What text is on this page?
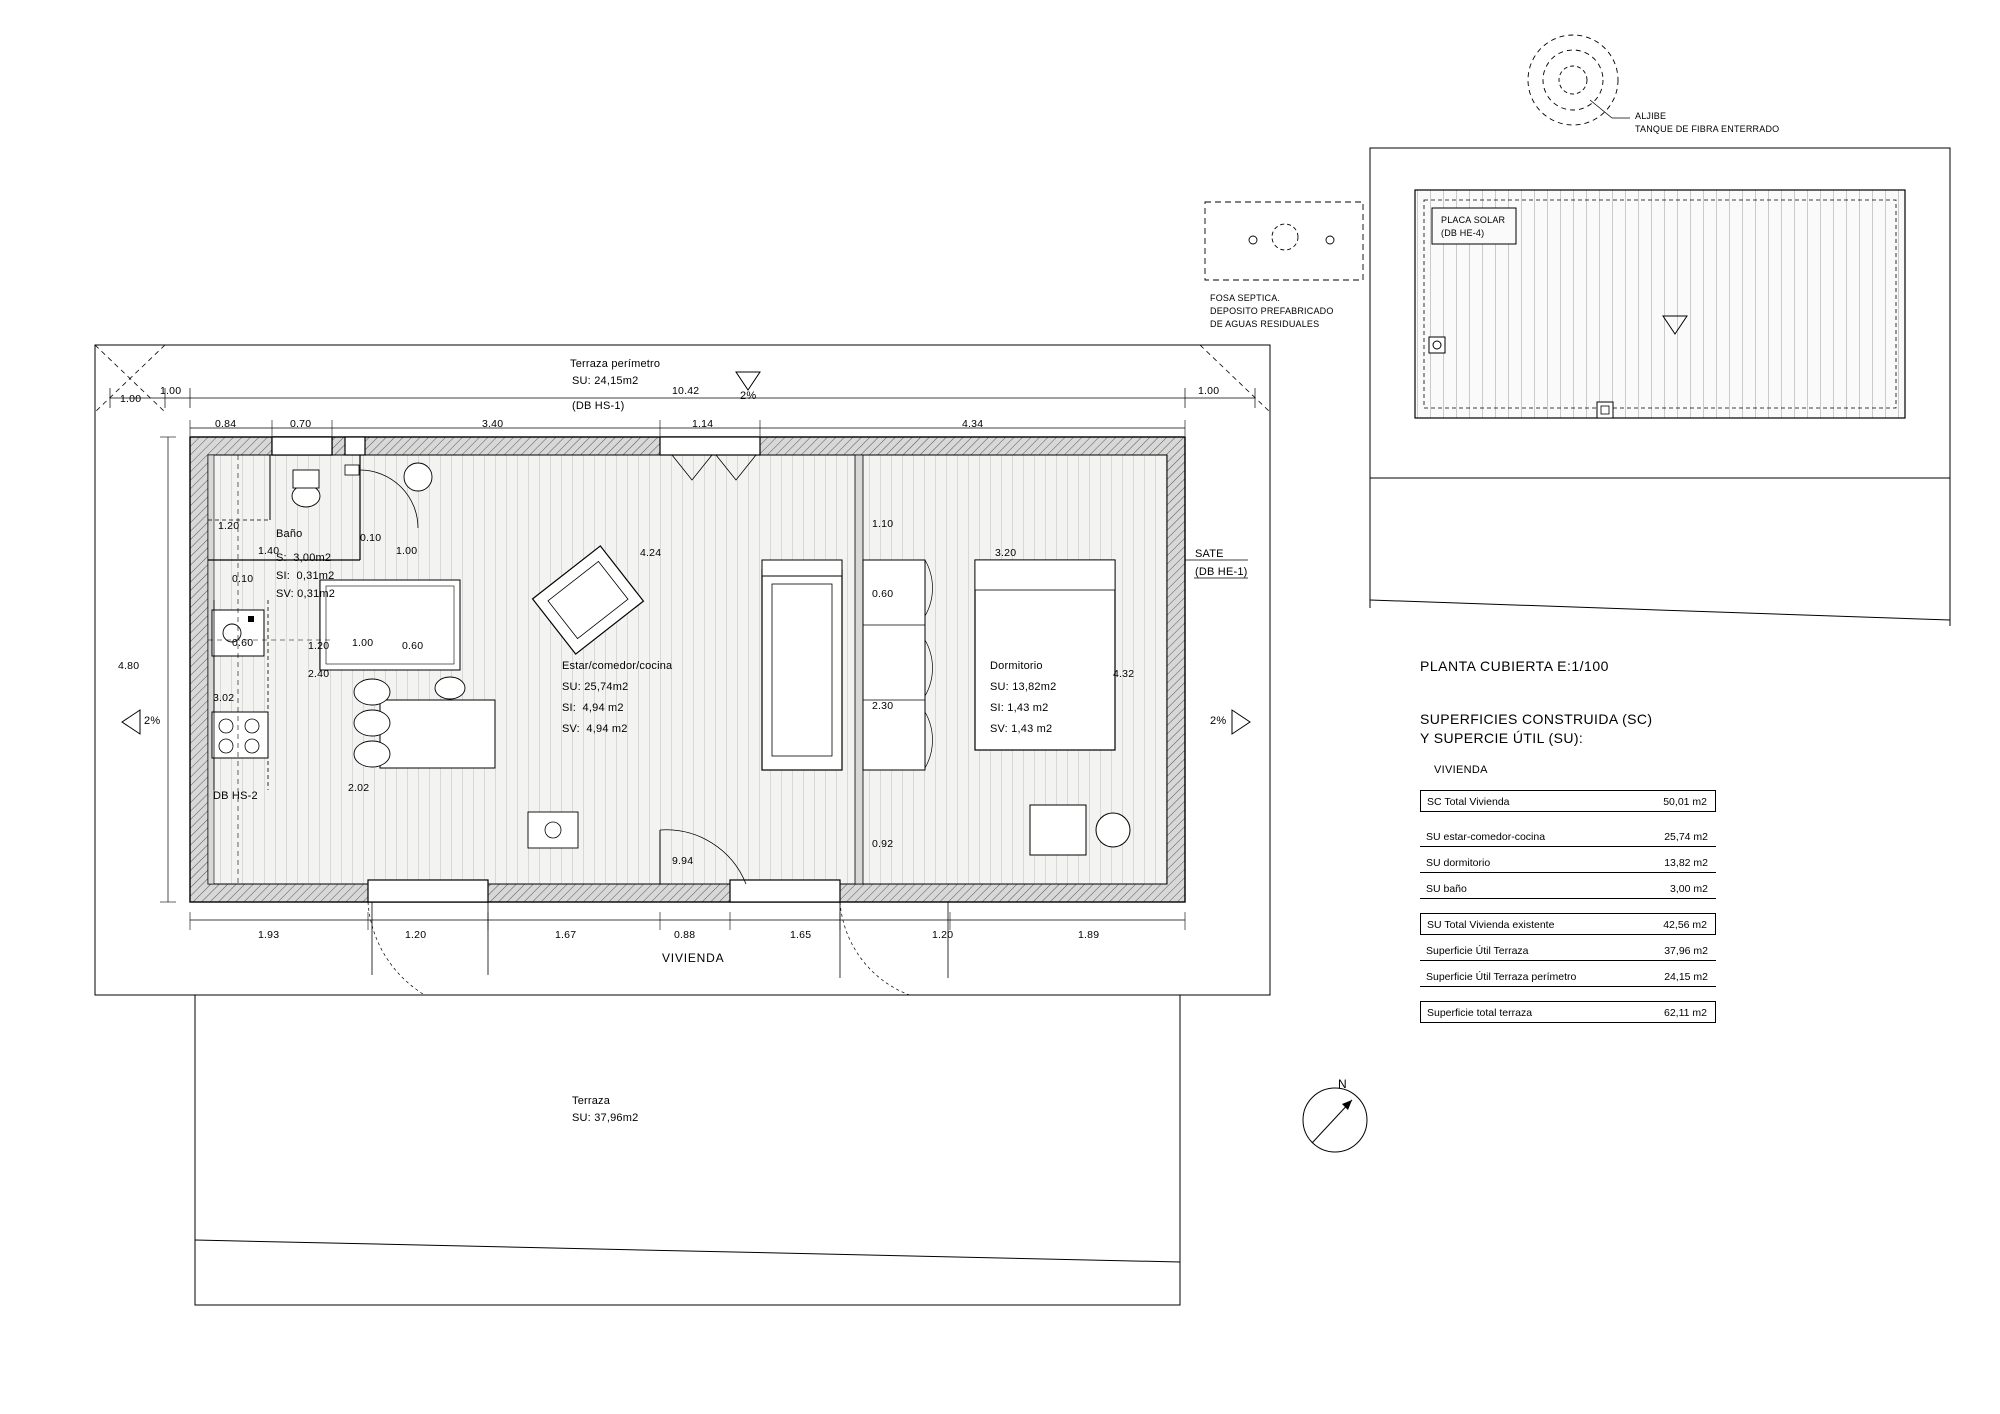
ALJIBE
TANQUE DE FIBRA ENTERRADO
PLACA SOLAR
(DB HE-4)
FOSA SEPTICA.
DEPOSITO PREFABRICADO
DE AGUAS RESIDUALES
PLANTA CUBIERTA E:1/100
Terraza perímetro
SU: 24,15m2
(DB HS-1)
2%
2%	2%
SATE
(DB HE-1)
DB HS-2
VIVIENDA
Terraza
SU: 37,96m2
N
Baño
S:  3,00m2
SI:  0,31m2
SV: 0,31m2
Estar/comedor/cocina
SU: 25,74m2
SI:  4,94 m2
SV:  4,94 m2
Dormitorio
SU: 13,82m2
SI: 1,43 m2
SV: 1,43 m2
1.00
1.00	10.42	1.00
0.84	0.70	3.40	1.14	4.34
1.93	1.20	1.67	0.88	1.65	1.20	1.89
4.80
3.02
1.20
1.40
0.10
0.10
1.00
0.60	1.20 1.00	0.60
2.40
2.02
4.24
1.10
0.60
2.30
0.92
9.94
3.20
4.32
SUPERFICIES CONSTRUIDA (SC)
Y SUPERCIE ÚTIL (SU):
VIVIENDA
SC Total Vivienda	50,01 m2
SU estar-comedor-cocina	25,74 m2
SU dormitorio	13,82 m2
SU baño	3,00 m2
SU Total Vivienda existente	42,56 m2
Superficie Útil Terraza	37,96 m2
Superficie Útil Terraza perímetro	24,15 m2
Superficie total terraza	62,11 m2
